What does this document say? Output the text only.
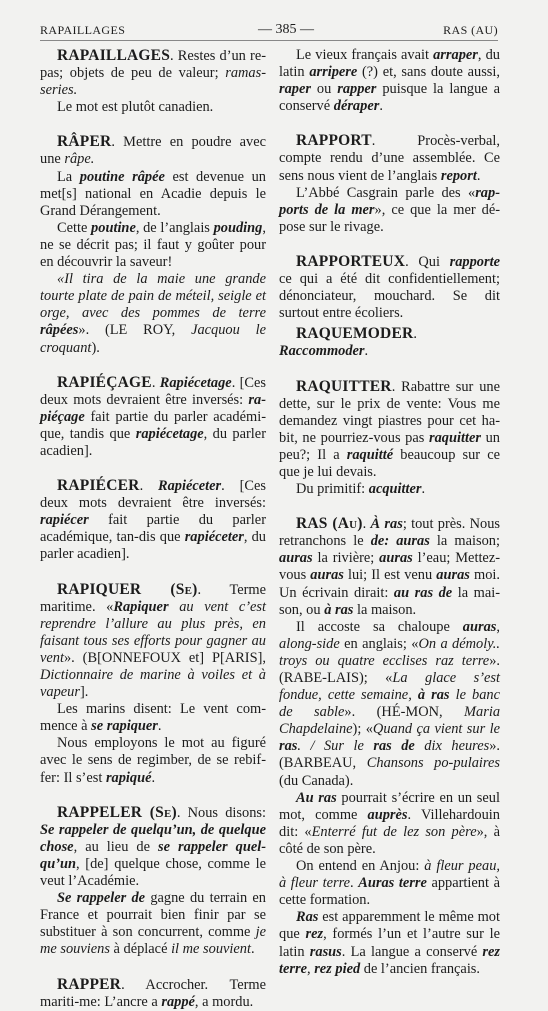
RAPAILLAGES	— 385 —	RAS (AU)

RAPAILLAGES. Restes d’un re-pas; objets de peu de valeur; ramas-series.

Le mot est plutôt canadien.

RÂPER. Mettre en poudre avec une râpe.

La poutine râpée est devenue un met[s] national en Acadie depuis le Grand Dérangement.

Cette poutine, de l’anglais pouding, ne se décrit pas; il faut y goûter pour en découvrir la saveur!

«Il tira de la maie une grande tourte plate de pain de méteil, seigle et orge, avec des pommes de terre râpées». (LE ROY, Jacquou le croquant).

RAPIÉÇAGE. Rapiécetage. [Ces deux mots devraient être inversés: ra-piéçage fait partie du parler académi-que, tandis que rapiécetage, du parler acadien].

RAPIÉCER. Rapiéceter. [Ces deux mots devraient être inversés: rapiécer fait partie du parler académique, tan-dis que rapiéceter, du parler acadien].

RAPIQUER (Se). Terme maritime. «Rapiquer au vent c’est reprendre l’allure au plus près, en faisant tous ses efforts pour gagner au vent». (B[ONNEFOUX et] P[ARIS], Dictionnaire de marine à voiles et à vapeur].

Les marins disent: Le vent com-mence à se rapiquer.

Nous employons le mot au figuré avec le sens de regimber, de se rebif-fer: Il s’est rapiqué.

RAPPELER (Se). Nous disons: Se rappeler de quelqu’un, de quelque chose, au lieu de se rappeler quel-qu’un, [de] quelque chose, comme le veut l’Académie.

Se rappeler de gagne du terrain en France et pourrait bien finir par se substituer à son concurrent, comme je me souviens à déplacé il me souvient.

RAPPER. Accrocher. Terme mariti-me: L’ancre a rappé, a mordu.

Le vieux français avait arraper, du latin arripere (?) et, sans doute aussi, raper ou rapper puisque la langue a conservé déraper.

RAPPORT. Procès-verbal, compte rendu d’une assemblée. Ce sens nous vient de l’anglais report.

L’Abbé Casgrain parle des «rap-ports de la mer», ce que la mer dé-pose sur le rivage.

RAPPORTEUX. Qui rapporte ce qui a été dit confidentiellement; dénonciateur, mouchard. Se dit surtout entre écoliers.

RAQUEMODER. Raccommoder.

RAQUITTER. Rabattre sur une dette, sur le prix de vente: Vous me demandez vingt piastres pour cet ha-bit, ne pourriez-vous pas raquitter un peu?; Il a raquitté beaucoup sur ce que je lui devais.

Du primitif: acquitter.

RAS (Au). À ras; tout près. Nous retranchons le de: auras la maison; auras la rivière; auras l’eau; Mettez-vous auras lui; Il est venu auras moi. Un écrivain dirait: au ras de la mai-son, ou à ras la maison.

Il accoste sa chaloupe auras, along-side en anglais; «On a démoly.. troys ou quatre ecclises raz terre». (RABE-LAIS); «La glace s’est fondue, cette semaine, à ras le banc de sable». (HÉ-MON, Maria Chapdelaine); «Quand ça vient sur le ras. / Sur le ras de dix heures». (BARBEAU, Chansons po-pulaires (du Canada).

Au ras pourrait s’écrire en un seul mot, comme auprès. Villehardouin dit: «Enterré fut de lez son père», à côté de son père.

On entend en Anjou: à fleur peau, à fleur terre. Auras terre appartient à cette formation.

Ras est apparemment le même mot que rez, formés l’un et l’autre sur le latin rasus. La langue a conservé rez terre, rez pied de l’ancien français.
